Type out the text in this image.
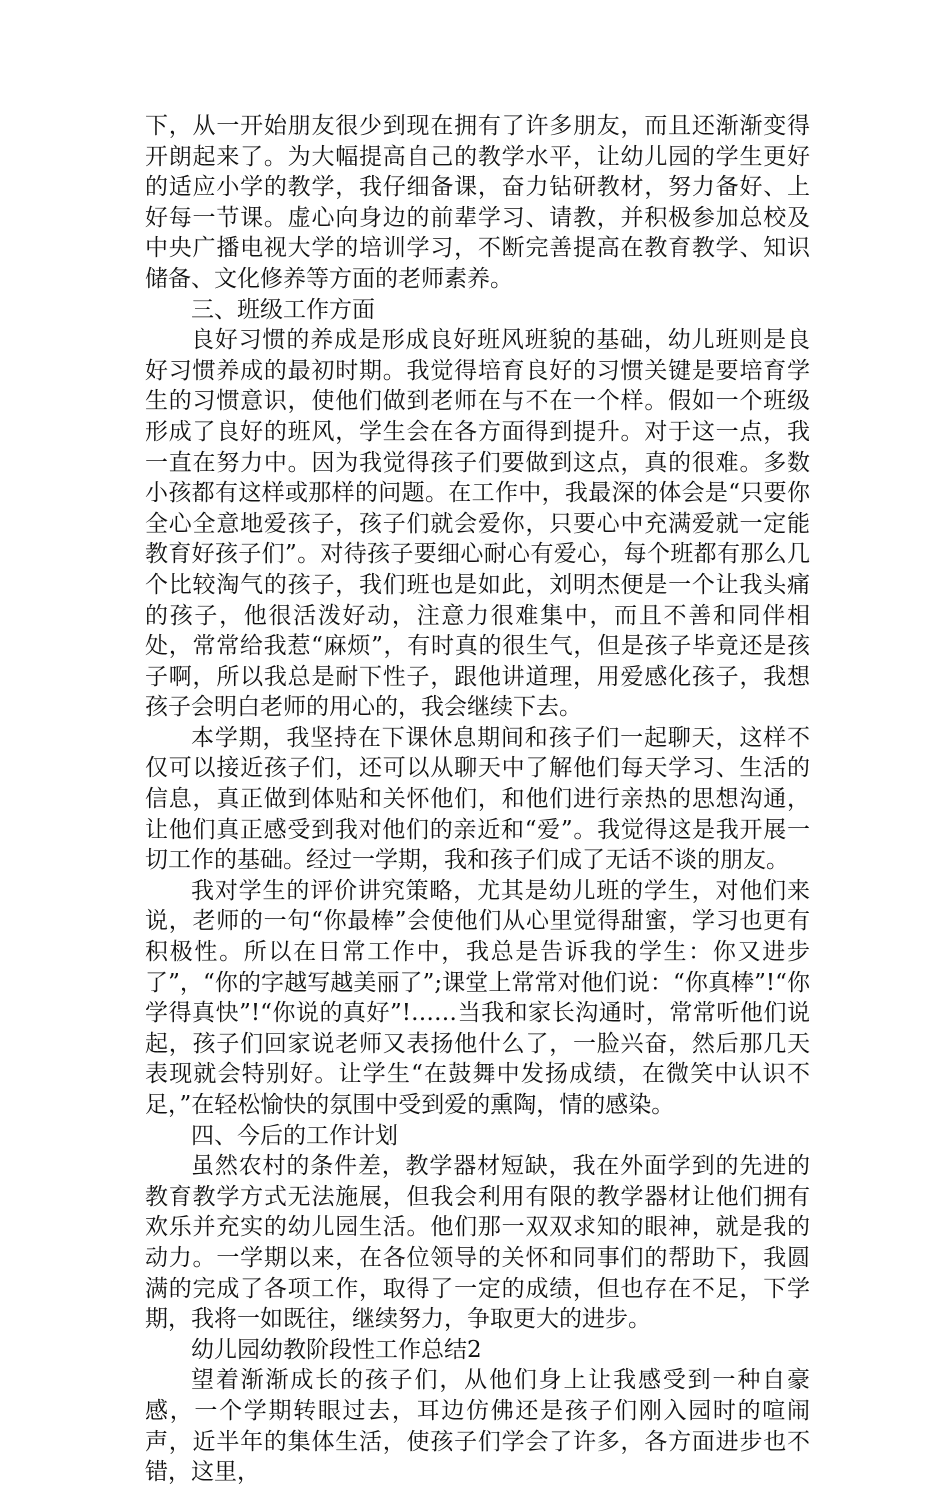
下，从一开始朋友很少到现在拥有了许多朋友，而且还渐渐变得开朗起来了。为大幅提高自己的教学水平，让幼儿园的学生更好的适应小学的教学，我仔细备课，奋力钻研教材，努力备好、上好每一节课。虚心向身边的前辈学习、请教，并积极参加总校及中央广播电视大学的培训学习，不断完善提高在教育教学、知识储备、文化修养等方面的老师素养。

三、班级工作方面

良好习惯的养成是形成良好班风班貌的基础，幼儿班则是良好习惯养成的最初时期。我觉得培育良好的习惯关键是要培育学生的习惯意识，使他们做到老师在与不在一个样。假如一个班级形成了良好的班风，学生会在各方面得到提升。对于这一点，我一直在努力中。因为我觉得孩子们要做到这点，真的很难。多数小孩都有这样或那样的问题。在工作中，我最深的体会是“只要你全心全意地爱孩子，孩子们就会爱你，只要心中充满爱就一定能教育好孩子们”。对待孩子要细心耐心有爱心，每个班都有那么几个比较淘气的孩子，我们班也是如此，刘明杰便是一个让我头痛的孩子，他很活泼好动，注意力很难集中，而且不善和同伴相处，常常给我惹“麻烦”，有时真的很生气，但是孩子毕竟还是孩子啊，所以我总是耐下性子，跟他讲道理，用爱感化孩子，我想孩子会明白老师的用心的，我会继续下去。

本学期，我坚持在下课休息期间和孩子们一起聊天，这样不仅可以接近孩子们，还可以从聊天中了解他们每天学习、生活的信息，真正做到体贴和关怀他们，和他们进行亲热的思想沟通，让他们真正感受到我对他们的亲近和“爱”。我觉得这是我开展一切工作的基础。经过一学期，我和孩子们成了无话不谈的朋友。

我对学生的评价讲究策略，尤其是幼儿班的学生，对他们来说，老师的一句“你最棒”会使他们从心里觉得甜蜜，学习也更有积极性。所以在日常工作中，我总是告诉我的学生：你又进步了”，“你的字越写越美丽了”;课堂上常常对他们说：“你真棒”!“你学得真快”!“你说的真好”!……当我和家长沟通时，常常听他们说起，孩子们回家说老师又表扬他什么了，一脸兴奋，然后那几天表现就会特别好。让学生“在鼓舞中发扬成绩，在微笑中认识不足，”在轻松愉快的氛围中受到爱的熏陶，情的感染。

四、今后的工作计划

虽然农村的条件差，教学器材短缺，我在外面学到的先进的教育教学方式无法施展，但我会利用有限的教学器材让他们拥有欢乐并充实的幼儿园生活。他们那一双双求知的眼神，就是我的动力。一学期以来，在各位领导的关怀和同事们的帮助下，我圆满的完成了各项工作，取得了一定的成绩，但也存在不足，下学期，我将一如既往，继续努力，争取更大的进步。

幼儿园幼教阶段性工作总结2

望着渐渐成长的孩子们，从他们身上让我感受到一种自豪感，一个学期转眼过去，耳边仿佛还是孩子们刚入园时的喧闹声，近半年的集体生活，使孩子们学会了许多，各方面进步也不错，这里，
